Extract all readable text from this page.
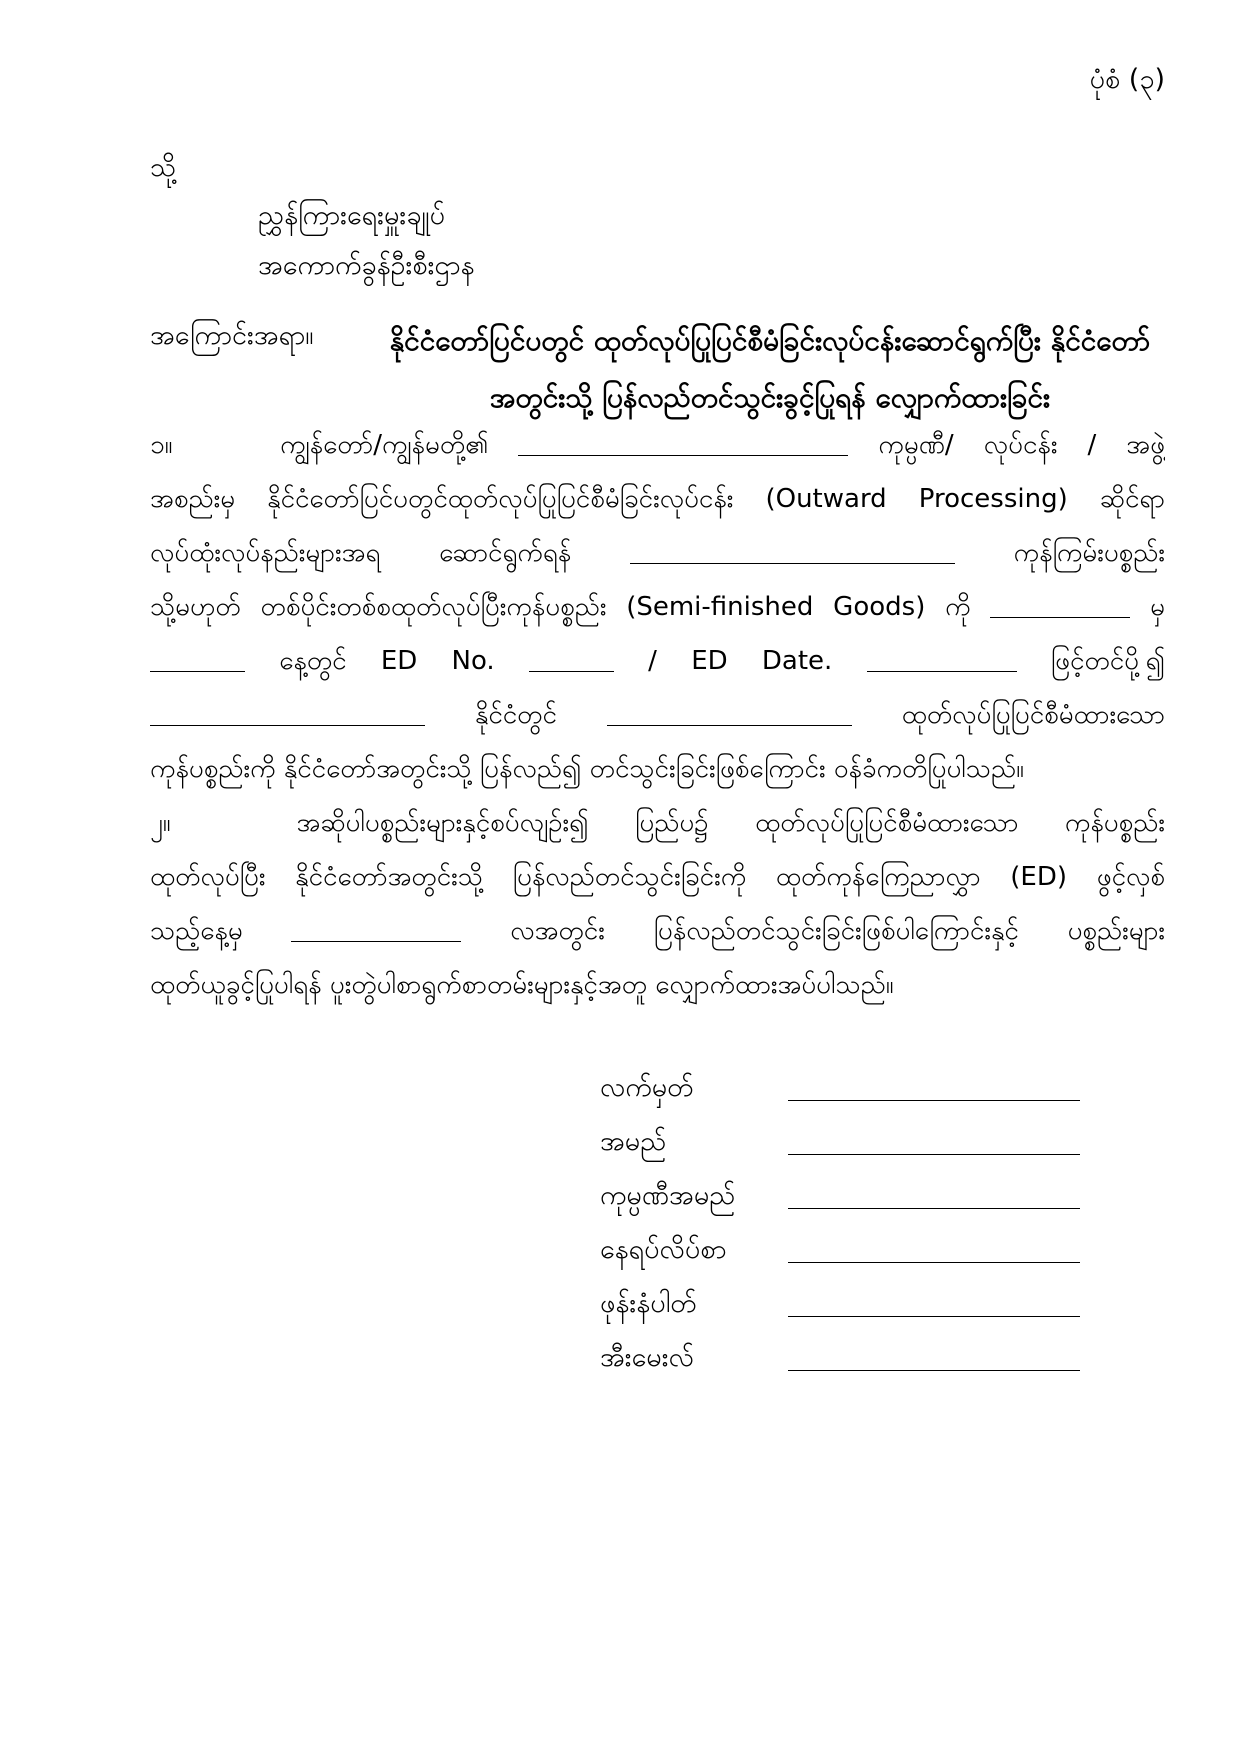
ပုံစံ (၃)
သို့
ညွှန်ကြားရေးမှူးချုပ်
အကောက်ခွန်ဦးစီးဌာန
အကြောင်းအရာ။	နိုင်ငံတော်ပြင်ပတွင် ထုတ်လုပ်ပြုပြင်စီမံခြင်းလုပ်ငန်းဆောင်ရွက်ပြီး နိုင်ငံတော်
အတွင်းသို့ ပြန်လည်တင်သွင်းခွင့်ပြုရန် လျှောက်ထားခြင်း
၁။	ကျွန်တော်/ကျွန်မတို့၏	ကုမ္ပဏီ/ လုပ်ငန်း / အဖွဲ့
အစည်းမှ နိုင်ငံတော်ပြင်ပတွင်ထုတ်လုပ်ပြုပြင်စီမံခြင်းလုပ်ငန်း (Outward Processing) ဆိုင်ရာ
လုပ်ထုံးလုပ်နည်းများအရ ဆောင်ရွက်ရန်	ကုန်ကြမ်းပစ္စည်း
သို့မဟုတ် တစ်ပိုင်းတစ်စထုတ်လုပ်ပြီးကုန်ပစ္စည်း (Semi-finished Goods) ကို	မှ
နေ့တွင် ED No.	/ ED Date.	ဖြင့်တင်ပို့၍
နိုင်ငံတွင်	ထုတ်လုပ်ပြုပြင်စီမံထားသော
ကုန်ပစ္စည်းကို နိုင်ငံတော်အတွင်းသို့ ပြန်လည်၍ တင်သွင်းခြင်းဖြစ်ကြောင်း ဝန်ခံကတိပြုပါသည်။
၂။	အဆိုပါပစ္စည်းများနှင့်စပ်လျဉ်း၍ ပြည်ပ၌ ထုတ်လုပ်ပြုပြင်စီမံထားသော ကုန်ပစ္စည်း
ထုတ်လုပ်ပြီး နိုင်ငံတော်အတွင်းသို့ ပြန်လည်တင်သွင်းခြင်းကို ထုတ်ကုန်ကြေညာလွှာ (ED) ဖွင့်လှစ်
သည့်နေ့မှ	လအတွင်း ပြန်လည်တင်သွင်းခြင်းဖြစ်ပါကြောင်းနှင့် ပစ္စည်းများ
ထုတ်ယူခွင့်ပြုပါရန် ပူးတွဲပါစာရွက်စာတမ်းများနှင့်အတူ လျှောက်ထားအပ်ပါသည်။
လက်မှတ်
အမည်
ကုမ္ပဏီအမည်
နေရပ်လိပ်စာ
ဖုန်းနံပါတ်
အီးမေးလ်
